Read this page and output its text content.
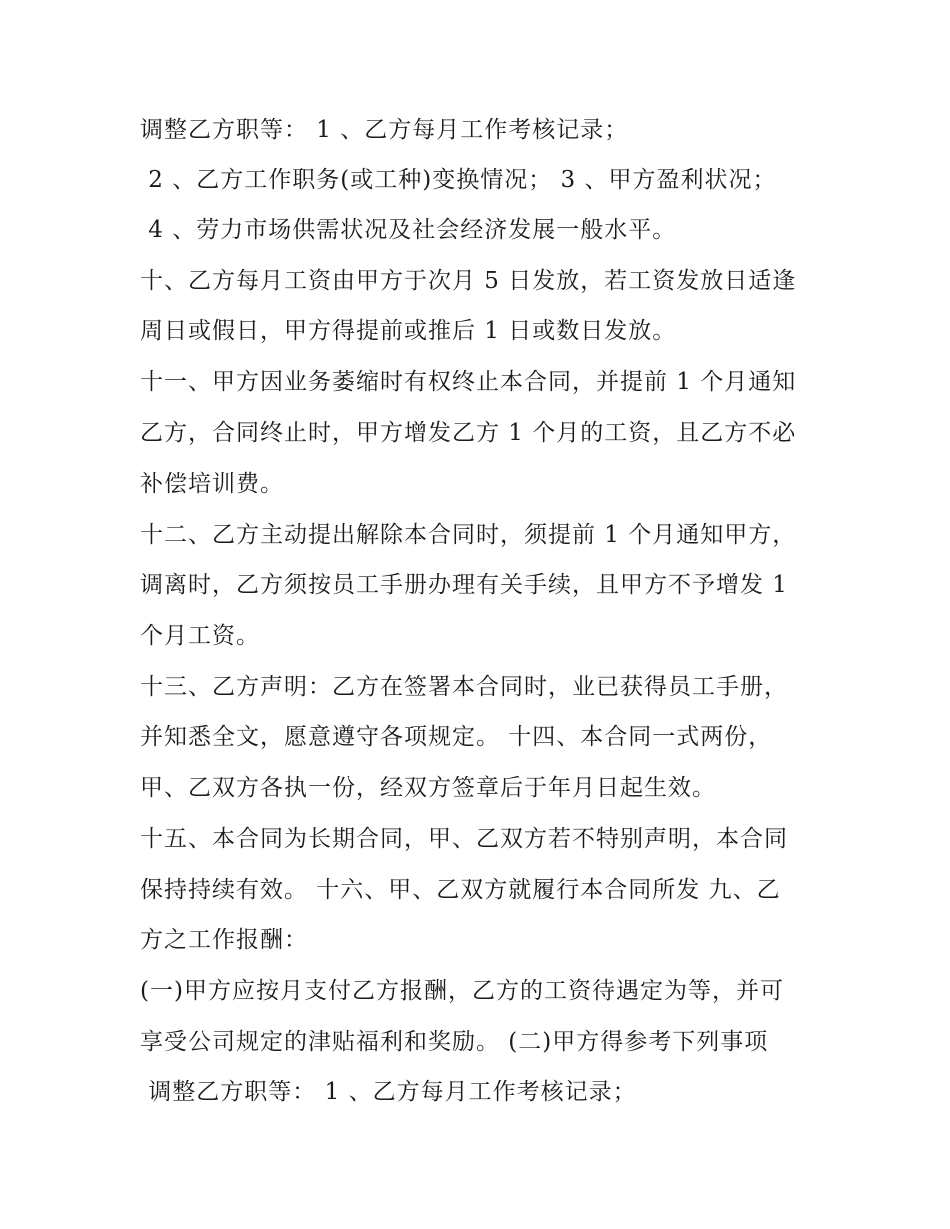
调整乙方职等： 1 、乙方每月工作考核记录；
2 、乙方工作职务(或工种)变换情况； 3 、甲方盈利状况；
4 、劳力市场供需状况及社会经济发展一般水平。
十、乙方每月工资由甲方于次月 5 日发放，若工资发放日适逢
周日或假日，甲方得提前或推后 1 日或数日发放。
十一、甲方因业务萎缩时有权终止本合同，并提前 1 个月通知
乙方，合同终止时，甲方增发乙方 1 个月的工资，且乙方不必
补偿培训费。
十二、乙方主动提出解除本合同时，须提前 1 个月通知甲方，
调离时，乙方须按员工手册办理有关手续，且甲方不予增发 1
个月工资。
十三、乙方声明：乙方在签署本合同时，业已获得员工手册，
并知悉全文，愿意遵守各项规定。 十四、本合同一式两份，
甲、乙双方各执一份，经双方签章后于年月日起生效。
十五、本合同为长期合同，甲、乙双方若不特别声明，本合同
保持持续有效。 十六、甲、乙双方就履行本合同所发 九、乙
方之工作报酬：
(一)甲方应按月支付乙方报酬，乙方的工资待遇定为等，并可
享受公司规定的津贴福利和奖励。 (二)甲方得参考下列事项
调整乙方职等： 1 、乙方每月工作考核记录；
